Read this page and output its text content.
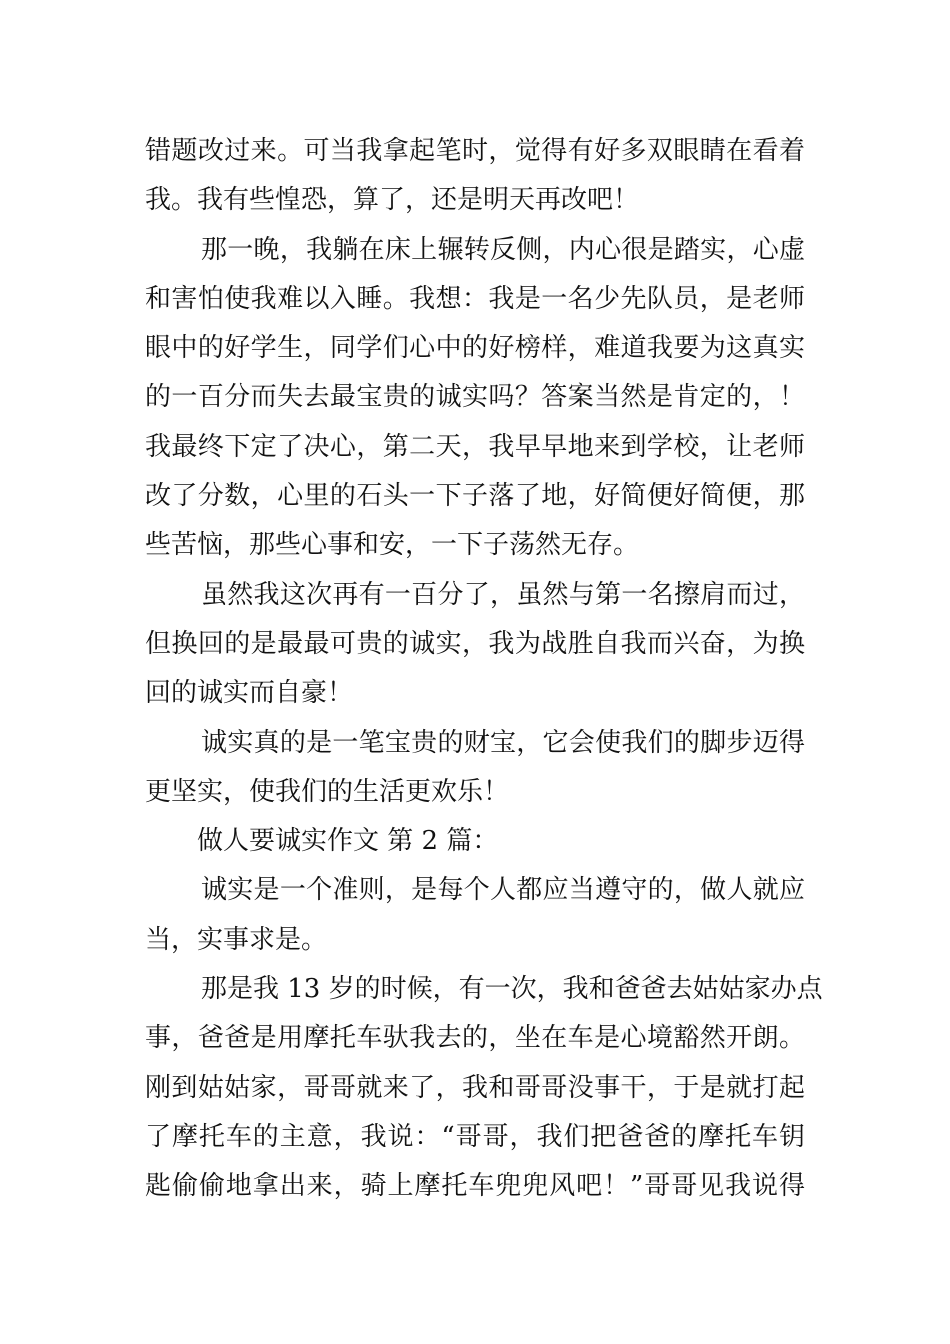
错题改过来。可当我拿起笔时，觉得有好多双眼睛在看着
我。我有些惶恐，算了，还是明天再改吧！
那一晚，我躺在床上辗转反侧，内心很是踏实，心虚
和害怕使我难以入睡。我想：我是一名少先队员，是老师
眼中的好学生，同学们心中的好榜样，难道我要为这真实
的一百分而失去最宝贵的诚实吗？答案当然是肯定的，！
我最终下定了决心，第二天，我早早地来到学校，让老师
改了分数，心里的石头一下子落了地，好简便好简便，那
些苦恼，那些心事和安，一下子荡然无存。
虽然我这次再有一百分了，虽然与第一名擦肩而过，
但换回的是最最可贵的诚实，我为战胜自我而兴奋，为换
回的诚实而自豪！
诚实真的是一笔宝贵的财宝，它会使我们的脚步迈得
更坚实，使我们的生活更欢乐！
做人要诚实作文 第 2 篇：
诚实是一个准则，是每个人都应当遵守的，做人就应
当，实事求是。
那是我 13 岁的时候，有一次，我和爸爸去姑姑家办点
事，爸爸是用摩托车驮我去的，坐在车是心境豁然开朗。
刚到姑姑家，哥哥就来了，我和哥哥没事干，于是就打起
了摩托车的主意，我说：“哥哥，我们把爸爸的摩托车钥
匙偷偷地拿出来，骑上摩托车兜兜风吧！”哥哥见我说得
